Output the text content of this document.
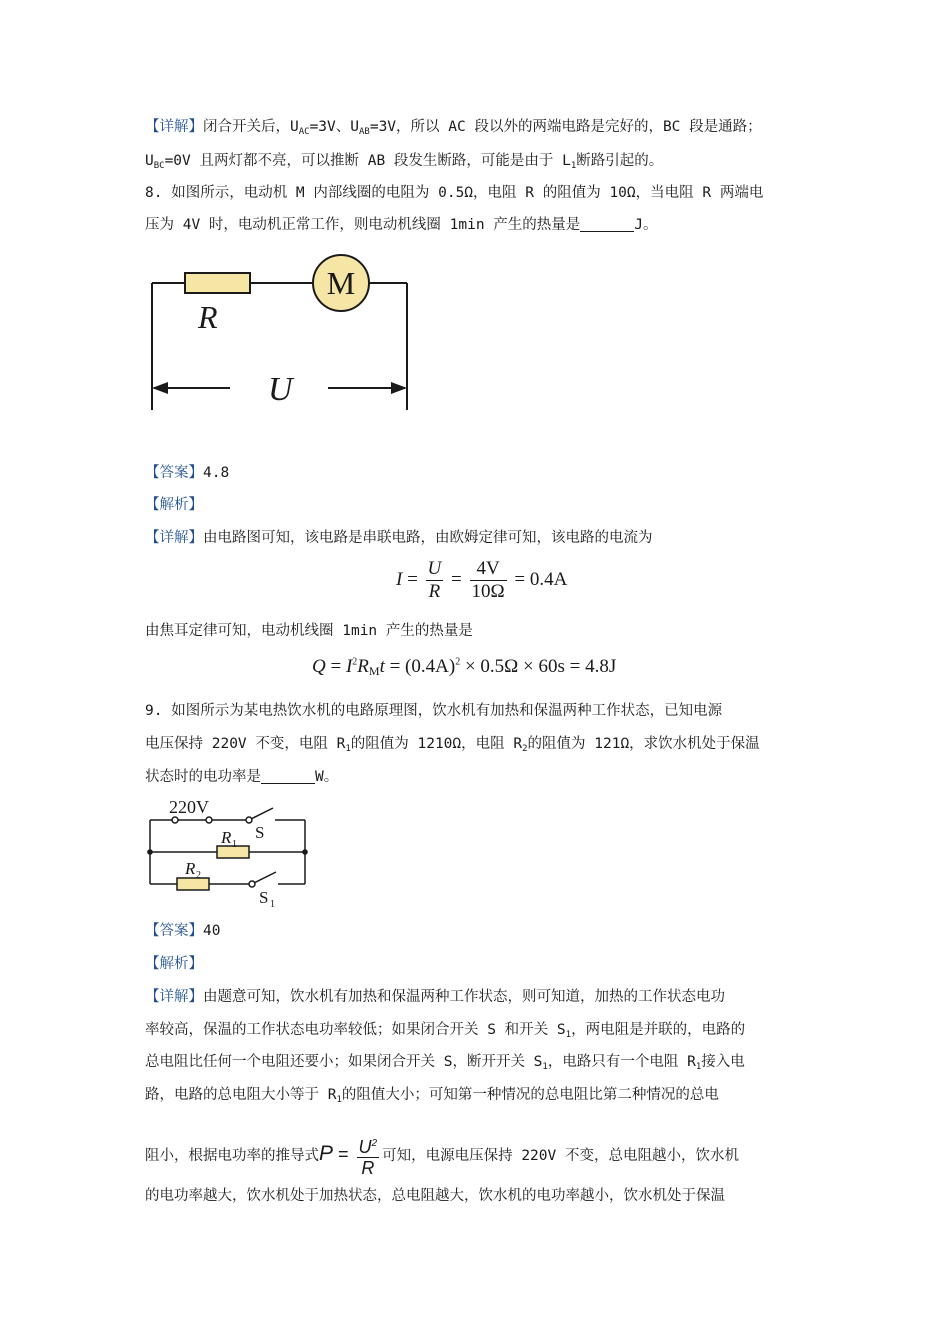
【详解】闭合开关后，$U_{AC}=3V$、$U_{AB}=3V$，所以 AC 段以外的两端电路是完好的，BC 段是通路；
$U_{BC}=0V$ 且两灯都不亮，可以推断 AB 段发生断路，可能是由于 $L_1$断路引起的。
8. 如图所示，电动机 M 内部线圈的电阻为 0.5Ω，电阻 R 的阻值为 10Ω，当电阻 R 两端电
压为 4V 时，电动机正常工作，则电动机线圈 1min 产生的热量是	J。
R
M
U
【答案】4.8
【解析】
【详解】由电路图可知，该电路是串联电路，由欧姆定律可知，该电路的电流为
$I = \frac{U}{R} = \frac{4V}{10\Omega} = 0.4A$
由焦耳定律可知，电动机线圈 1min 产生的热量是
$Q = I^2R_Mt = (0.4A)^2 \times 0.5\Omega \times 60s = 4.8J$
9. 如图所示为某电热饮水机的电路原理图，饮水机有加热和保温两种工作状态，已知电源
电压保持 220V 不变，电阻 $R_1$的阻值为 1210Ω，电阻 $R_2$的阻值为 121Ω，求饮水机处于保温
状态时的电功率是	W。
220V
S
R 1
R 2
S 1
【答案】40
【解析】
【详解】由题意可知，饮水机有加热和保温两种工作状态，则可知道，加热的工作状态电功
率较高，保温的工作状态电功率较低；如果闭合开关 S 和开关 $S_1$，两电阻是并联的，电路的
总电阻比任何一个电阻还要小；如果闭合开关 S，断开开关 $S_1$，电路只有一个电阻 $R_1$接入电
路，电路的总电阻大小等于 $R_1$的阻值大小；可知第一种情况的总电阻比第二种情况的总电
阻小，根据电功率的推导式$P = \frac{U^2}{R}$ 可知，电源电压保持 220V 不变，总电阻越小，饮水机
的电功率越大，饮水机处于加热状态，总电阻越大，饮水机的电功率越小，饮水机处于保温
